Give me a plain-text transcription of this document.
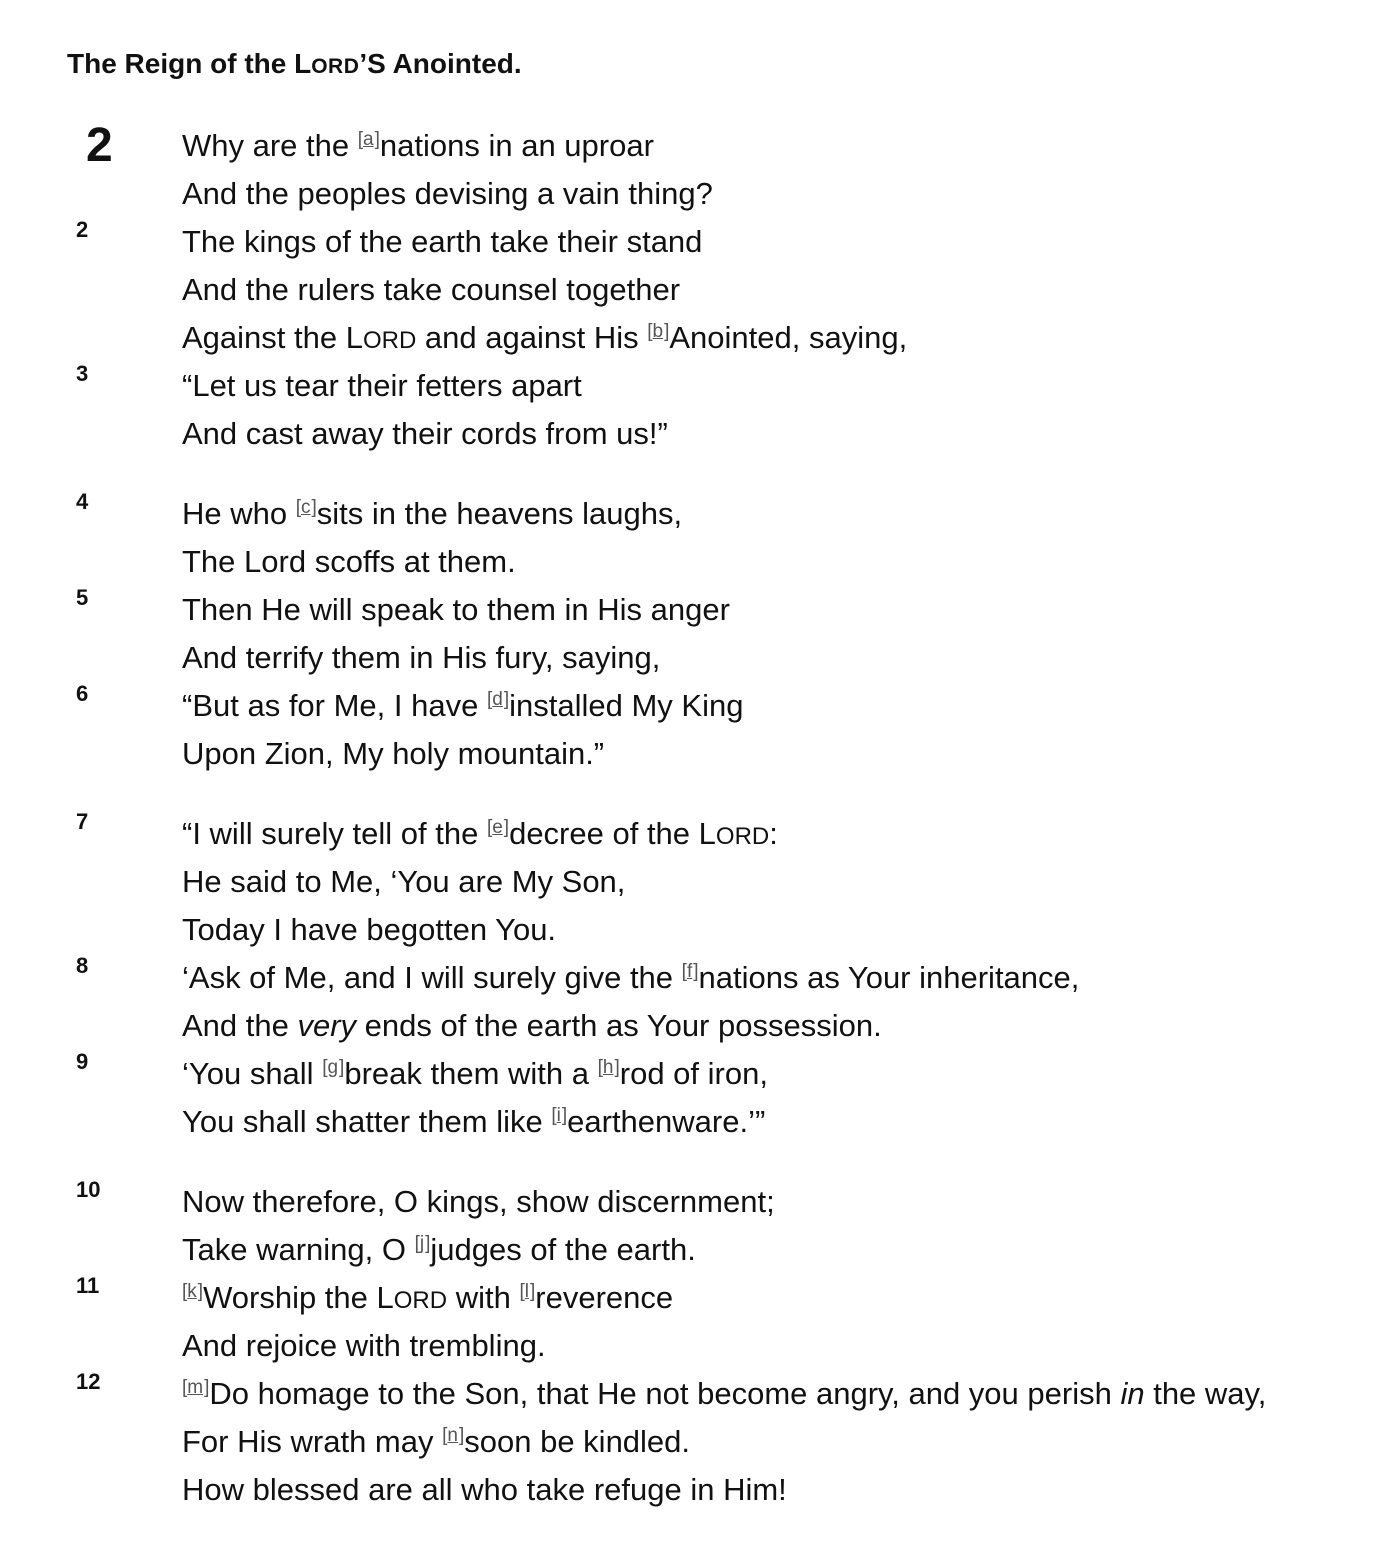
The Reign of the LORD’S Anointed.
2 Why are the [a]nations in an uproar
And the peoples devising a vain thing?
2	The kings of the earth take their stand
And the rulers take counsel together
Against the LORD and against His [b]Anointed, saying,
3	“Let us tear their fetters apart
And cast away their cords from us!”
4	He who [c]sits in the heavens laughs,
The Lord scoffs at them.
5	Then He will speak to them in His anger
And terrify them in His fury, saying,
6	“But as for Me, I have [d]installed My King
Upon Zion, My holy mountain.”
7	“I will surely tell of the [e]decree of the LORD:
He said to Me, ‘You are My Son,
Today I have begotten You.
8	‘Ask of Me, and I will surely give the [f]nations as Your inheritance,
And the very ends of the earth as Your possession.
9	‘You shall [g]break them with a [h]rod of iron,
You shall shatter them like [i]earthenware.’”
10	Now therefore, O kings, show discernment;
Take warning, O [j]judges of the earth.
11	[k]Worship the LORD with [l]reverence
And rejoice with trembling.
12	[m]Do homage to the Son, that He not become angry, and you perish in the way,
For His wrath may [n]soon be kindled.
How blessed are all who take refuge in Him!
